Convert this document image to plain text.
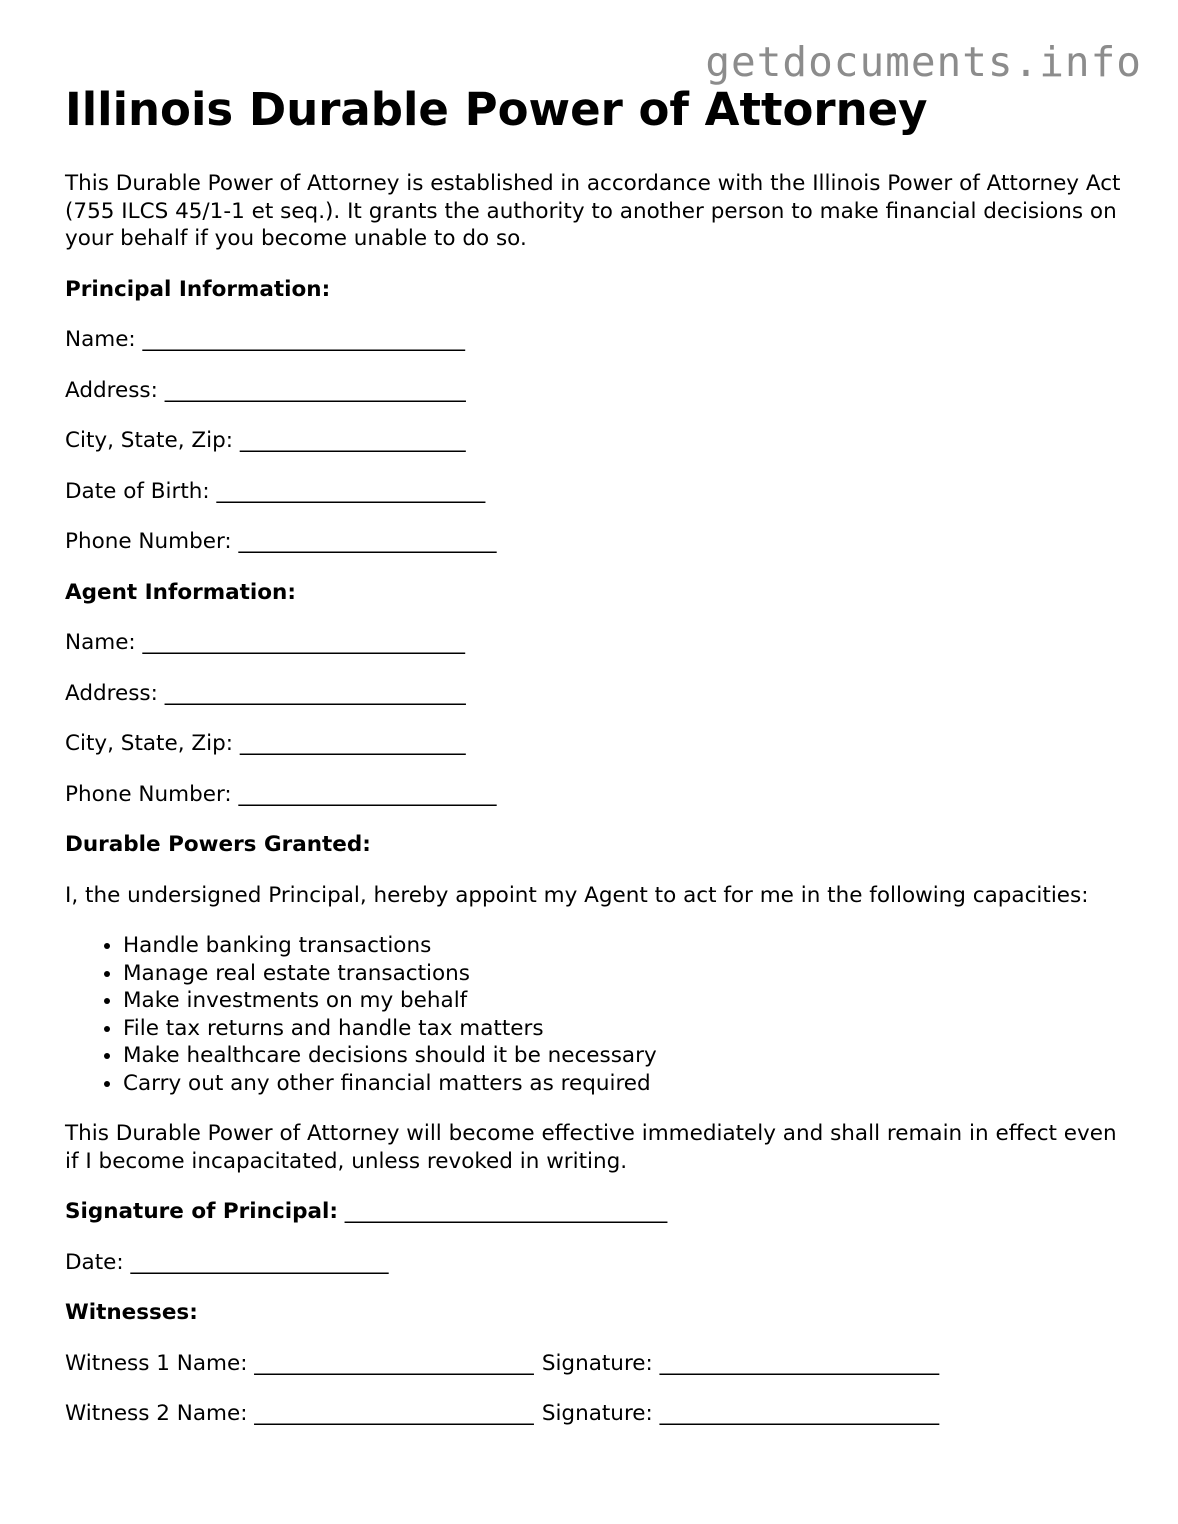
getdocuments.info
Illinois Durable Power of Attorney

This Durable Power of Attorney is established in accordance with the Illinois Power of Attorney Act (755 ILCS 45/1-1 et seq.). It grants the authority to another person to make financial decisions on your behalf if you become unable to do so.

Principal Information:

Name: ______________________________

Address: ____________________________

City, State, Zip: _____________________

Date of Birth: _________________________

Phone Number: ________________________

Agent Information:

Name: ______________________________

Address: ____________________________

City, State, Zip: _____________________

Phone Number: ________________________

Durable Powers Granted:

I, the undersigned Principal, hereby appoint my Agent to act for me in the following capacities:

• Handle banking transactions
• Manage real estate transactions
• Make investments on my behalf
• File tax returns and handle tax matters
• Make healthcare decisions should it be necessary
• Carry out any other financial matters as required

This Durable Power of Attorney will become effective immediately and shall remain in effect even if I become incapacitated, unless revoked in writing.

Signature of Principal: ______________________________

Date: ________________________

Witnesses:

Witness 1 Name: __________________________ Signature: __________________________

Witness 2 Name: __________________________ Signature: __________________________
